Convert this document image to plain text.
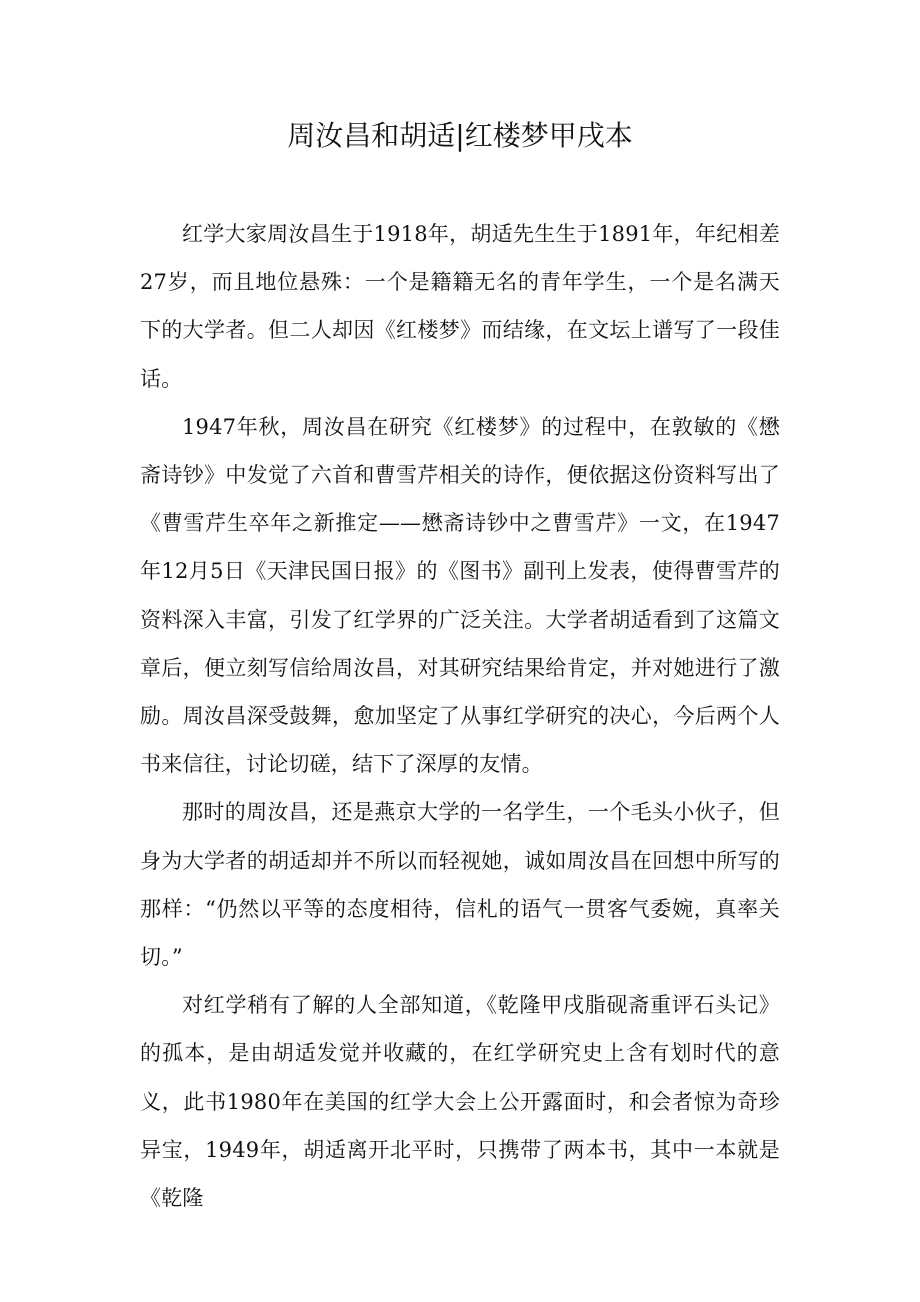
周汝昌和胡适|红楼梦甲戌本

红学大家周汝昌生于1918年，胡适先生生于1891年，年纪相差27岁，而且地位悬殊：一个是籍籍无名的青年学生，一个是名满天下的大学者。但二人却因《红楼梦》而结缘，在文坛上谱写了一段佳话。

1947年秋，周汝昌在研究《红楼梦》的过程中，在敦敏的《懋斋诗钞》中发觉了六首和曹雪芹相关的诗作，便依据这份资料写出了《曹雪芹生卒年之新推定——懋斋诗钞中之曹雪芹》一文，在1947年12月5日《天津民国日报》的《图书》副刊上发表，使得曹雪芹的资料深入丰富，引发了红学界的广泛关注。大学者胡适看到了这篇文章后，便立刻写信给周汝昌，对其研究结果给肯定，并对她进行了激励。周汝昌深受鼓舞，愈加坚定了从事红学研究的决心，今后两个人书来信往，讨论切磋，结下了深厚的友情。

那时的周汝昌，还是燕京大学的一名学生，一个毛头小伙子，但身为大学者的胡适却并不所以而轻视她，诚如周汝昌在回想中所写的那样：“仍然以平等的态度相待，信札的语气一贯客气委婉，真率关切。”

对红学稍有了解的人全部知道，《乾隆甲戌脂砚斋重评石头记》的孤本，是由胡适发觉并收藏的，在红学研究史上含有划时代的意义，此书1980年在美国的红学大会上公开露面时，和会者惊为奇珍异宝，1949年，胡适离开北平时，只携带了两本书，其中一本就是《乾隆
